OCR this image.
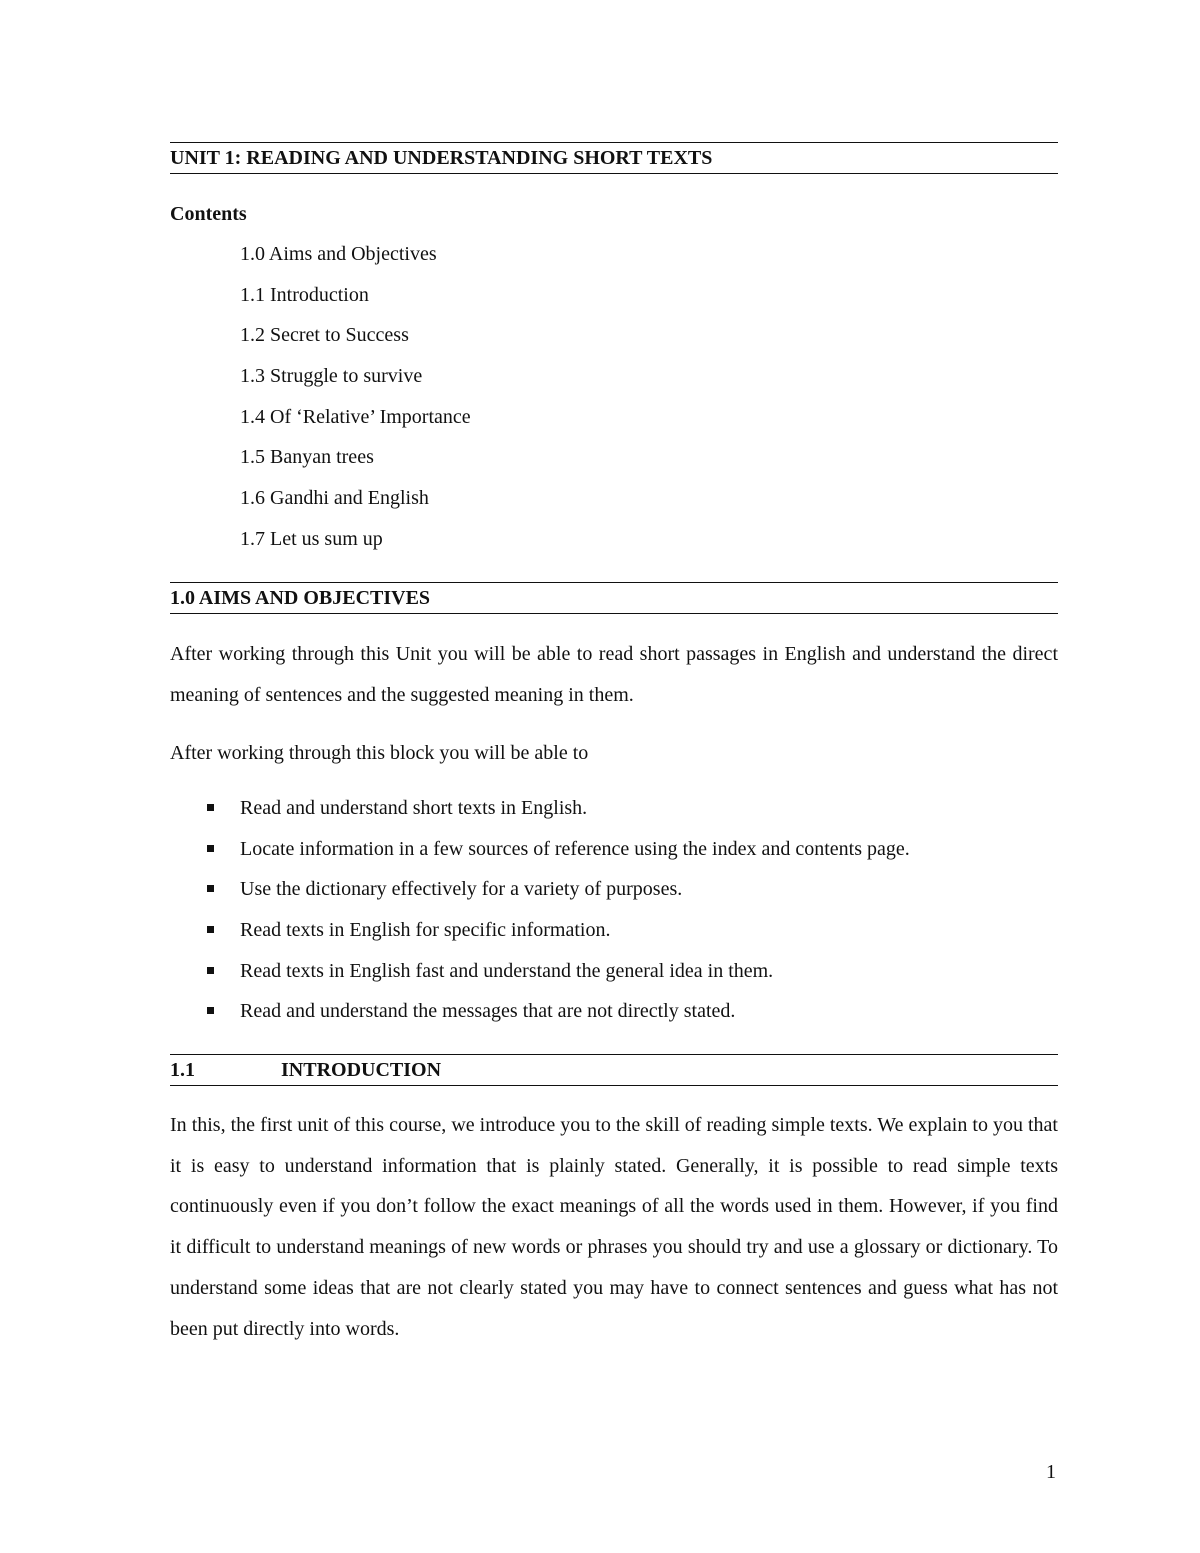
UNIT 1: READING AND UNDERSTANDING SHORT TEXTS
Contents
1.0 Aims and Objectives
1.1 Introduction
1.2 Secret to Success
1.3 Struggle to survive
1.4 Of ‘Relative’ Importance
1.5 Banyan trees
1.6 Gandhi and English
1.7 Let us sum up
1.0 AIMS AND OBJECTIVES

After working through this Unit you will be able to read short passages in English and understand the direct meaning of sentences and the suggested meaning in them.

After working through this block you will be able to

Read and understand short texts in English.
Locate information in a few sources of reference using the index and contents page.
Use the dictionary effectively for a variety of purposes.
Read texts in English for specific information.
Read texts in English fast and understand the general idea in them.
Read and understand the messages that are not directly stated.
1.1	INTRODUCTION

In this, the first unit of this course, we introduce you to the skill of reading simple texts. We explain to you that it is easy to understand information that is plainly stated. Generally, it is possible to read simple texts continuously even if you don’t follow the exact meanings of all the words used in them. However, if you find it difficult to understand meanings of new words or phrases you should try and use a glossary or dictionary. To understand some ideas that are not clearly stated you may have to connect sentences and guess what has not been put directly into words.

1
